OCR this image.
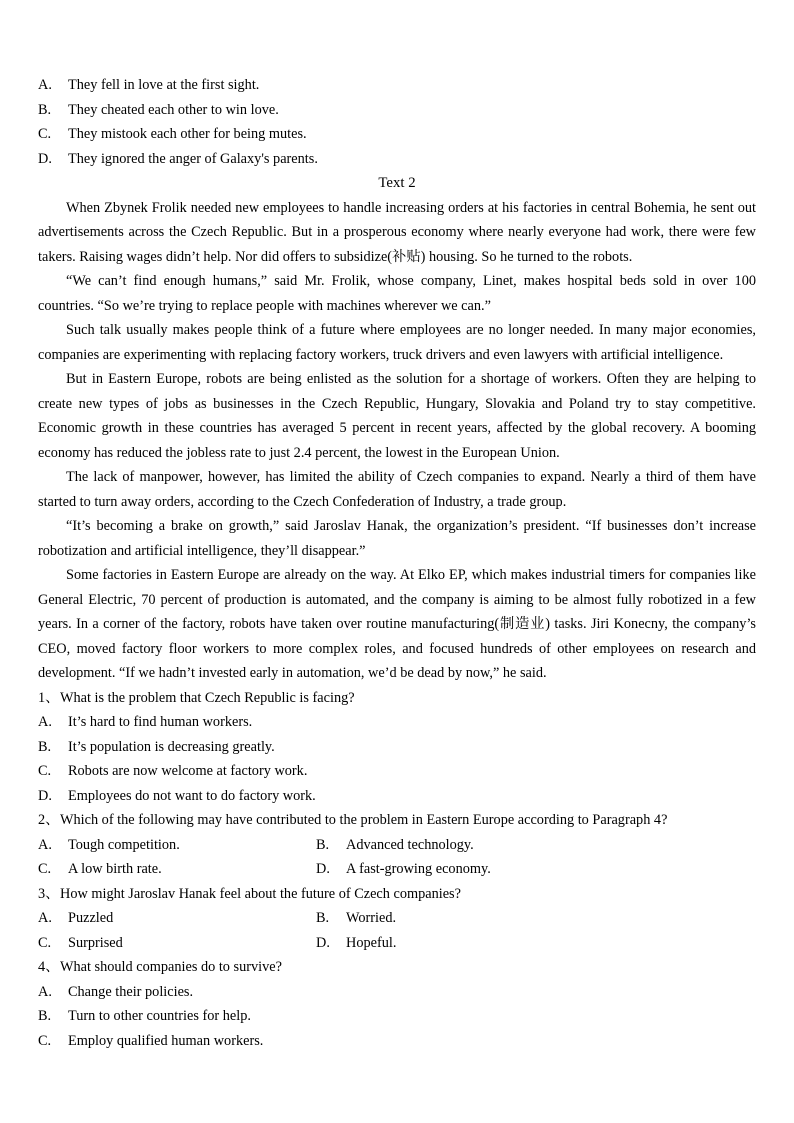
A. They fell in love at the first sight.
B. They cheated each other to win love.
C. They mistook each other for being mutes.
D. They ignored the anger of Galaxy's parents.
Text 2

When Zbynek Frolik needed new employees to handle increasing orders at his factories in central Bohemia, he sent out advertisements across the Czech Republic. But in a prosperous economy where nearly everyone had work, there were few takers. Raising wages didn’t help. Nor did offers to subsidize(补贴) housing. So he turned to the robots.

“We can’t find enough humans,” said Mr. Frolik, whose company, Linet, makes hospital beds sold in over 100 countries. “So we’re trying to replace people with machines wherever we can.”

Such talk usually makes people think of a future where employees are no longer needed. In many major economies, companies are experimenting with replacing factory workers, truck drivers and even lawyers with artificial intelligence.

But in Eastern Europe, robots are being enlisted as the solution for a shortage of workers. Often they are helping to create new types of jobs as businesses in the Czech Republic, Hungary, Slovakia and Poland try to stay competitive. Economic growth in these countries has averaged 5 percent in recent years, affected by the global recovery. A booming economy has reduced the jobless rate to just 2.4 percent, the lowest in the European Union.

The lack of manpower, however, has limited the ability of Czech companies to expand. Nearly a third of them have started to turn away orders, according to the Czech Confederation of Industry, a trade group.

“It’s becoming a brake on growth,” said Jaroslav Hanak, the organization’s president. “If businesses don’t increase robotization and artificial intelligence, they’ll disappear.”

Some factories in Eastern Europe are already on the way. At Elko EP, which makes industrial timers for companies like General Electric, 70 percent of production is automated, and the company is aiming to be almost fully robotized in a few years. In a corner of the factory, robots have taken over routine manufacturing(制造业) tasks. Jiri Konecny, the company’s CEO, moved factory floor workers to more complex roles, and focused hundreds of other employees on research and development. “If we hadn’t invested early in automation, we’d be dead by now,” he said.

1、What is the problem that Czech Republic is facing?
A. It’s hard to find human workers.
B. It’s population is decreasing greatly.
C. Robots are now welcome at factory work.
D. Employees do not want to do factory work.
2、Which of the following may have contributed to the problem in Eastern Europe according to Paragraph 4?
A. Tough competition.	B. Advanced technology.
C. A low birth rate.	D. A fast-growing economy.
3、How might Jaroslav Hanak feel about the future of Czech companies?
A. Puzzled	B. Worried.
C. Surprised	D. Hopeful.
4、What should companies do to survive?
A. Change their policies.
B. Turn to other countries for help.
C. Employ qualified human workers.
